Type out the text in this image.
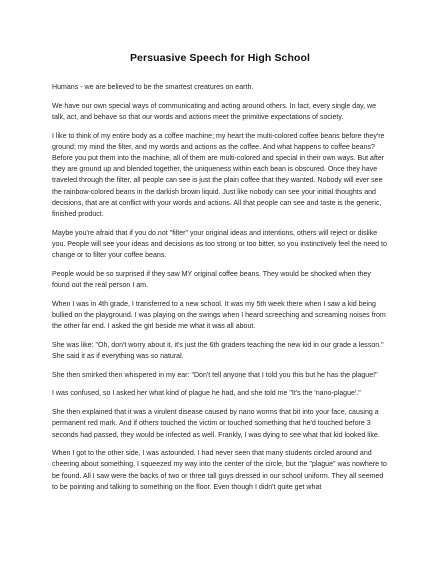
Persuasive Speech for High School

Humans - we are believed to be the smartest creatures on earth.

We have our own special ways of communicating and acting around others. In fact, every single day, we talk, act, and behave so that our words and actions meet the primitive expectations of society.

I like to think of my entire body as a coffee machine; my heart the multi-colored coffee beans before they're ground; my mind the filter, and my words and actions as the coffee. And what happens to coffee beans? Before you put them into the machine, all of them are multi-colored and special in their own ways. But after they are ground up and blended together, the uniqueness within each bean is obscured. Once they have traveled through the filter, all people can see is just the plain coffee that they wanted. Nobody will ever see the rainbow-colored beans in the darkish brown liquid. Just like nobody can see your initial thoughts and decisions, that are at conflict with your words and actions. All that people can see and taste is the generic, finished product.

Maybe you're afraid that if you do not "filter" your original ideas and intentions, others will reject or dislike you. People will see your ideas and decisions as too strong or too bitter, so you instinctively feel the need to change or to filter your coffee beans.

People would be so surprised if they saw MY original coffee beans. They would be shocked when they found out the real person I am.

When I was in 4th grade, I transferred to a new school. It was my 5th week there when I saw a kid being bullied on the playground. I was playing on the swings when I heard screeching and screaming noises from the other far end. I asked the girl beside me what it was all about.

She was like: "Oh, don't worry about it, it's just the 6th graders teaching the new kid in our grade a lesson." She said it as if everything was so natural.

She then smirked then whispered in my ear: "Don't tell anyone that I told you this but he has the plague!"

I was confused, so I asked her what kind of plague he had, and she told me "It's the 'nano-plague'."

She then explained that it was a virulent disease caused by nano worms that bit into your face, causing a permanent red mark. And if others touched the victim or touched something that he'd touched before 3 seconds had passed, they would be infected as well. Frankly, I was dying to see what that kid looked like.

When I got to the other side, I was astounded. I had never seen that many students circled around and cheering about something. I squeezed my way into the center of the circle, but the "plague" was nowhere to be found. All I saw were the backs of two or three tall guys dressed in our school uniform. They all seemed to be pointing and talking to something on the floor. Even though I didn't quite get what
